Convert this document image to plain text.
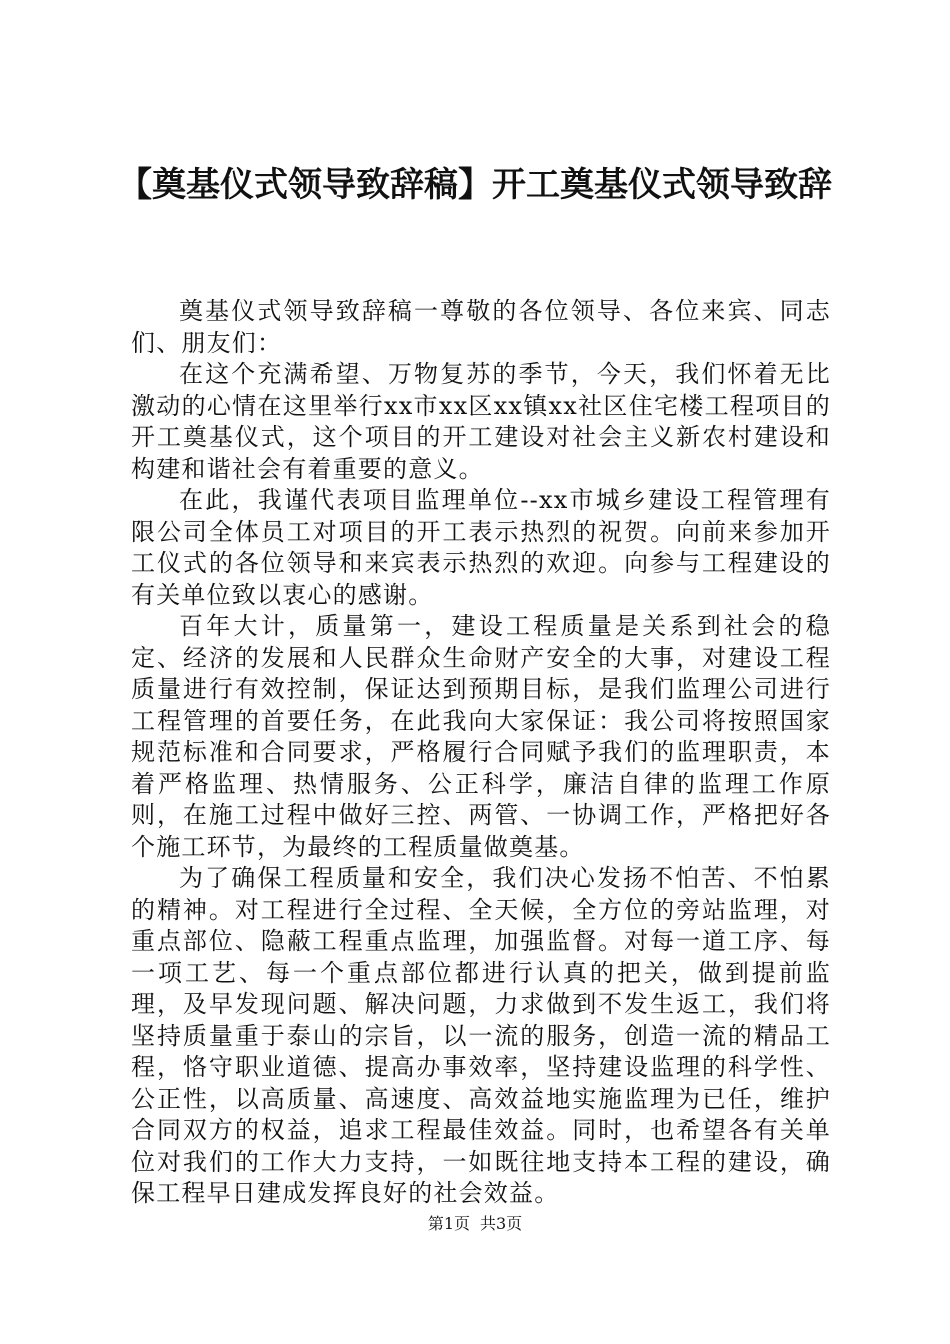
【奠基仪式领导致辞稿】开工奠基仪式领导致辞

奠基仪式领导致辞稿一尊敬的各位领导、各位来宾、同志们、朋友们：

在这个充满希望、万物复苏的季节，今天，我们怀着无比激动的心情在这里举行xx市xx区xx镇xx社区住宅楼工程项目的开工奠基仪式，这个项目的开工建设对社会主义新农村建设和构建和谐社会有着重要的意义。

在此，我谨代表项目监理单位--xx市城乡建设工程管理有限公司全体员工对项目的开工表示热烈的祝贺。向前来参加开工仪式的各位领导和来宾表示热烈的欢迎。向参与工程建设的有关单位致以衷心的感谢。

百年大计，质量第一，建设工程质量是关系到社会的稳定、经济的发展和人民群众生命财产安全的大事，对建设工程质量进行有效控制，保证达到预期目标，是我们监理公司进行工程管理的首要任务，在此我向大家保证：我公司将按照国家规范标准和合同要求，严格履行合同赋予我们的监理职责，本着严格监理、热情服务、公正科学，廉洁自律的监理工作原则，在施工过程中做好三控、两管、一协调工作，严格把好各个施工环节，为最终的工程质量做奠基。

为了确保工程质量和安全，我们决心发扬不怕苦、不怕累的精神。对工程进行全过程、全天候，全方位的旁站监理，对重点部位、隐蔽工程重点监理，加强监督。对每一道工序、每一项工艺、每一个重点部位都进行认真的把关，做到提前监理，及早发现问题、解决问题，力求做到不发生返工，我们将坚持质量重于泰山的宗旨，以一流的服务，创造一流的精品工程，恪守职业道德、提高办事效率，坚持建设监理的科学性、公正性，以高质量、高速度、高效益地实施监理为已任，维护合同双方的权益，追求工程最佳效益。同时，也希望各有关单位对我们的工作大力支持，一如既往地支持本工程的建设，确保工程早日建成发挥良好的社会效益。

第1页 共3页
